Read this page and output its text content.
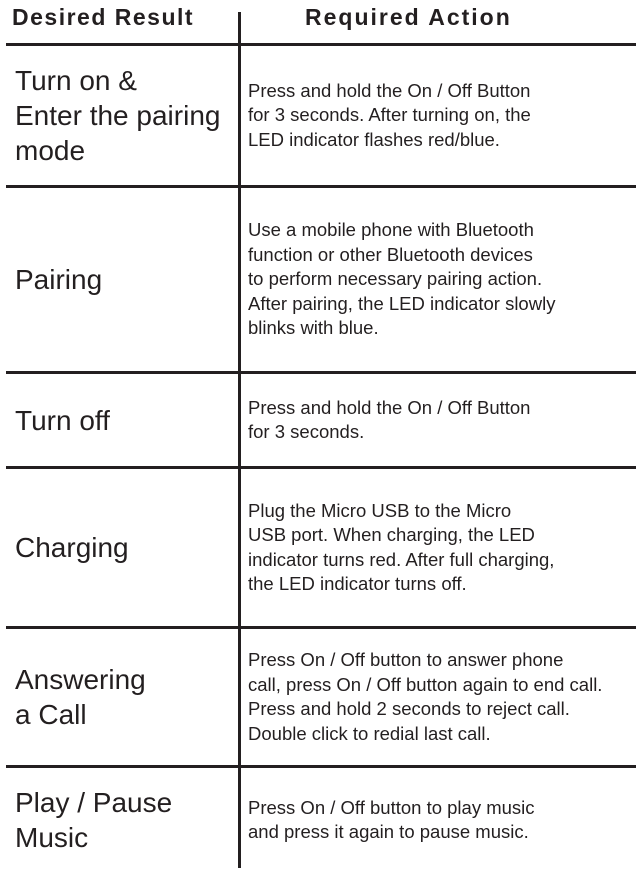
Desired Result	Required Action
Turn on &
Enter the pairing
mode
Press and hold the On / Off Button
for 3 seconds. After turning on, the
LED indicator flashes red/blue.
Pairing
Use a mobile phone with Bluetooth
function or other Bluetooth devices
to perform necessary pairing action.
After pairing, the LED indicator slowly
blinks with blue.
Turn off	Press and hold the On / Off Button
for 3 seconds.
Charging
Plug the Micro USB to the Micro
USB port. When charging, the LED
indicator turns red. After full charging,
the LED indicator turns off.
Answering
a Call
Press On / Off button to answer phone
call, press On / Off button again to end call.
Press and hold 2 seconds to reject call.
Double click to redial last call.
Play / Pause
Music
Press On / Off button to play music
and press it again to pause music.
